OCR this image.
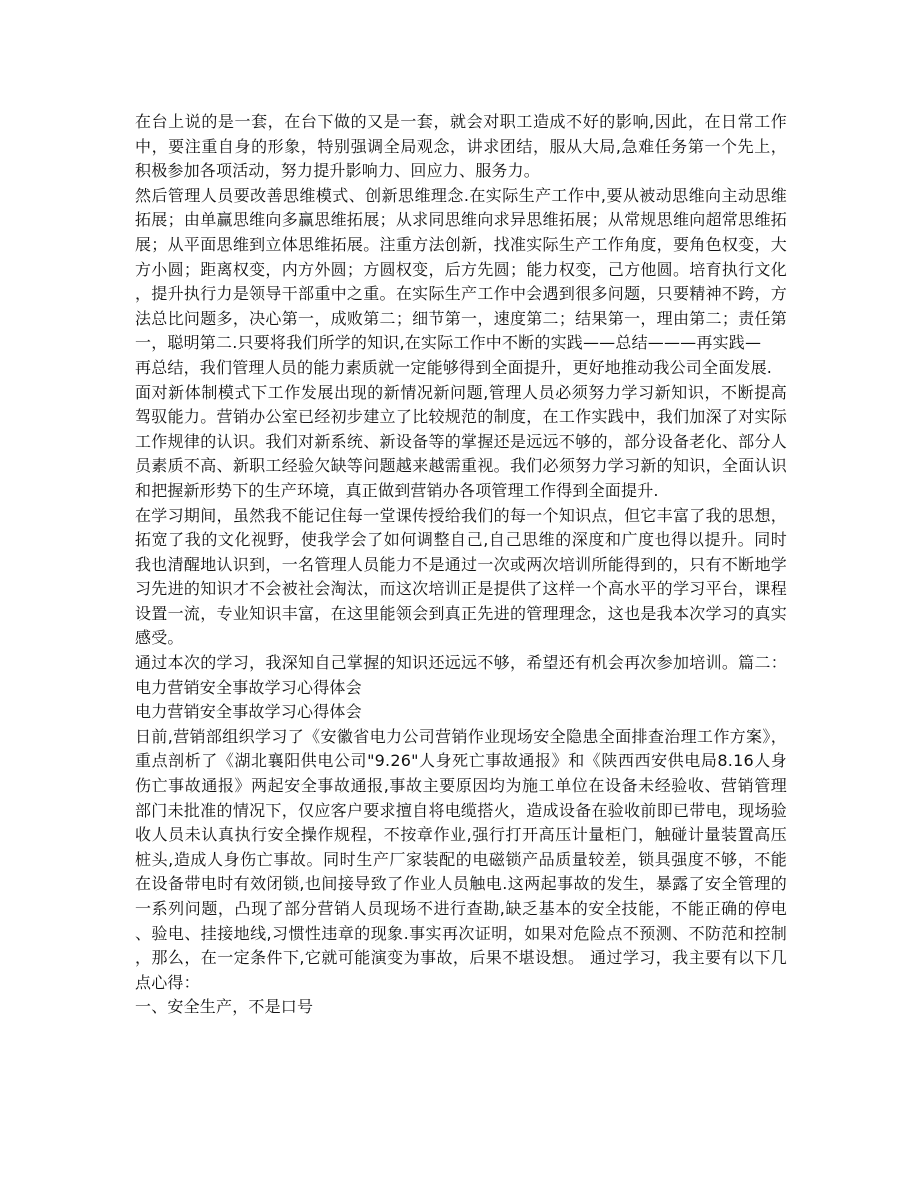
在台上说的是一套，在台下做的又是一套，就会对职工造成不好的影响,因此，在日常工作中，要注重自身的形象，特别强调全局观念，讲求团结，服从大局,急难任务第一个先上，积极参加各项活动，努力提升影响力、回应力、服务力。

然后管理人员要改善思维模式、创新思维理念.在实际生产工作中,要从被动思维向主动思维拓展；由单赢思维向多赢思维拓展；从求同思维向求异思维拓展；从常规思维向超常思维拓展；从平面思维到立体思维拓展。注重方法创新，找准实际生产工作角度，要角色权变，大方小圆；距离权变，内方外圆；方圆权变，后方先圆；能力权变，己方他圆。培育执行文化，提升执行力是领导干部重中之重。在实际生产工作中会遇到很多问题，只要精神不跨，方法总比问题多，决心第一，成败第二；细节第一，速度第二；结果第一，理由第二；责任第一，聪明第二.只要将我们所学的知识,在实际工作中不断的实践——总结———再实践—

再总结，我们管理人员的能力素质就一定能够得到全面提升，更好地推动我公司全面发展.

面对新体制模式下工作发展出现的新情况新问题,管理人员必须努力学习新知识，不断提高驾驭能力。营销办公室已经初步建立了比较规范的制度，在工作实践中，我们加深了对实际工作规律的认识。我们对新系统、新设备等的掌握还是远远不够的，部分设备老化、部分人员素质不高、新职工经验欠缺等问题越来越需重视。我们必须努力学习新的知识，全面认识和把握新形势下的生产环境，真正做到营销办各项管理工作得到全面提升.

在学习期间，虽然我不能记住每一堂课传授给我们的每一个知识点，但它丰富了我的思想，拓宽了我的文化视野，使我学会了如何调整自己,自己思维的深度和广度也得以提升。同时我也清醒地认识到，一名管理人员能力不是通过一次或两次培训所能得到的，只有不断地学习先进的知识才不会被社会淘汰，而这次培训正是提供了这样一个高水平的学习平台，课程设置一流，专业知识丰富，在这里能领会到真正先进的管理理念，这也是我本次学习的真实感受。

通过本次的学习，我深知自己掌握的知识还远远不够，希望还有机会再次参加培训。篇二：电力营销安全事故学习心得体会

电力营销安全事故学习心得体会

日前,营销部组织学习了《安徽省电力公司营销作业现场安全隐患全面排查治理工作方案》，重点剖析了《湖北襄阳供电公司"9.26"人身死亡事故通报》和《陕西西安供电局8.16人身伤亡事故通报》两起安全事故通报,事故主要原因均为施工单位在设备未经验收、营销管理部门未批准的情况下，仅应客户要求擅自将电缆搭火，造成设备在验收前即已带电，现场验收人员未认真执行安全操作规程，不按章作业,强行打开高压计量柜门，触碰计量装置高压桩头,造成人身伤亡事故。同时生产厂家装配的电磁锁产品质量较差，锁具强度不够，不能在设备带电时有效闭锁,也间接导致了作业人员触电.这两起事故的发生，暴露了安全管理的一系列问题，凸现了部分营销人员现场不进行查勘,缺乏基本的安全技能，不能正确的停电、验电、挂接地线,习惯性违章的现象.事实再次证明，如果对危险点不预测、不防范和控制，那么，在一定条件下,它就可能演变为事故，后果不堪设想。 通过学习，我主要有以下几点心得：

一、安全生产，不是口号
